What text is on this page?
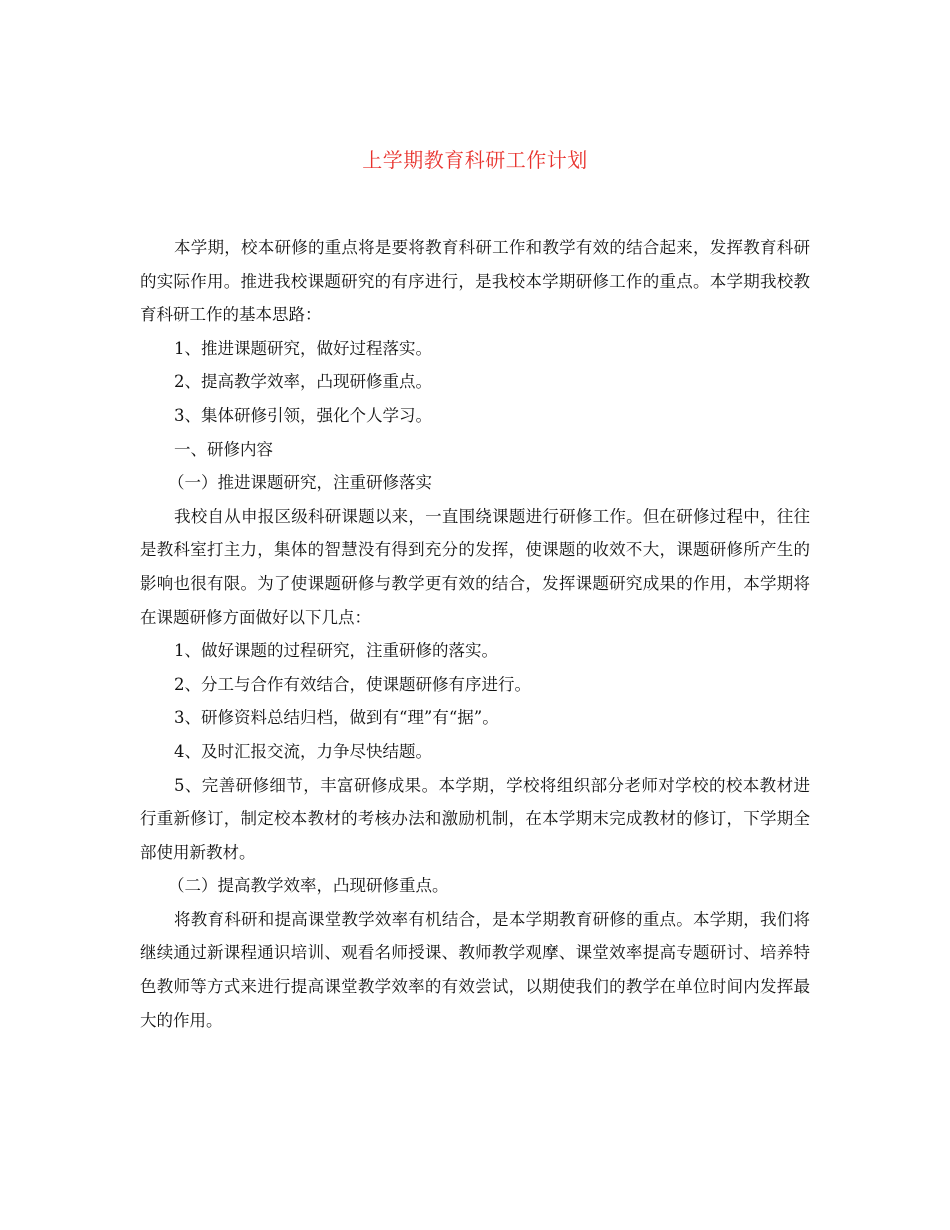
上学期教育科研工作计划

本学期，校本研修的重点将是要将教育科研工作和教学有效的结合起来，发挥教育科研的实际作用。推进我校课题研究的有序进行，是我校本学期研修工作的重点。本学期我校教育科研工作的基本思路：

1、推进课题研究，做好过程落实。

2、提高教学效率，凸现研修重点。

3、集体研修引领，强化个人学习。

一、研修内容

（一）推进课题研究，注重研修落实

我校自从申报区级科研课题以来，一直围绕课题进行研修工作。但在研修过程中，往往是教科室打主力，集体的智慧没有得到充分的发挥，使课题的收效不大，课题研修所产生的影响也很有限。为了使课题研修与教学更有效的结合，发挥课题研究成果的作用，本学期将在课题研修方面做好以下几点：

1、做好课题的过程研究，注重研修的落实。

2、分工与合作有效结合，使课题研修有序进行。

3、研修资料总结归档，做到有“理”有“据”。

4、及时汇报交流，力争尽快结题。

5、完善研修细节，丰富研修成果。本学期，学校将组织部分老师对学校的校本教材进行重新修订，制定校本教材的考核办法和激励机制，在本学期末完成教材的修订，下学期全部使用新教材。

（二）提高教学效率，凸现研修重点。

将教育科研和提高课堂教学效率有机结合，是本学期教育研修的重点。本学期，我们将继续通过新课程通识培训、观看名师授课、教师教学观摩、课堂效率提高专题研讨、培养特色教师等方式来进行提高课堂教学效率的有效尝试，以期使我们的教学在单位时间内发挥最大的作用。
